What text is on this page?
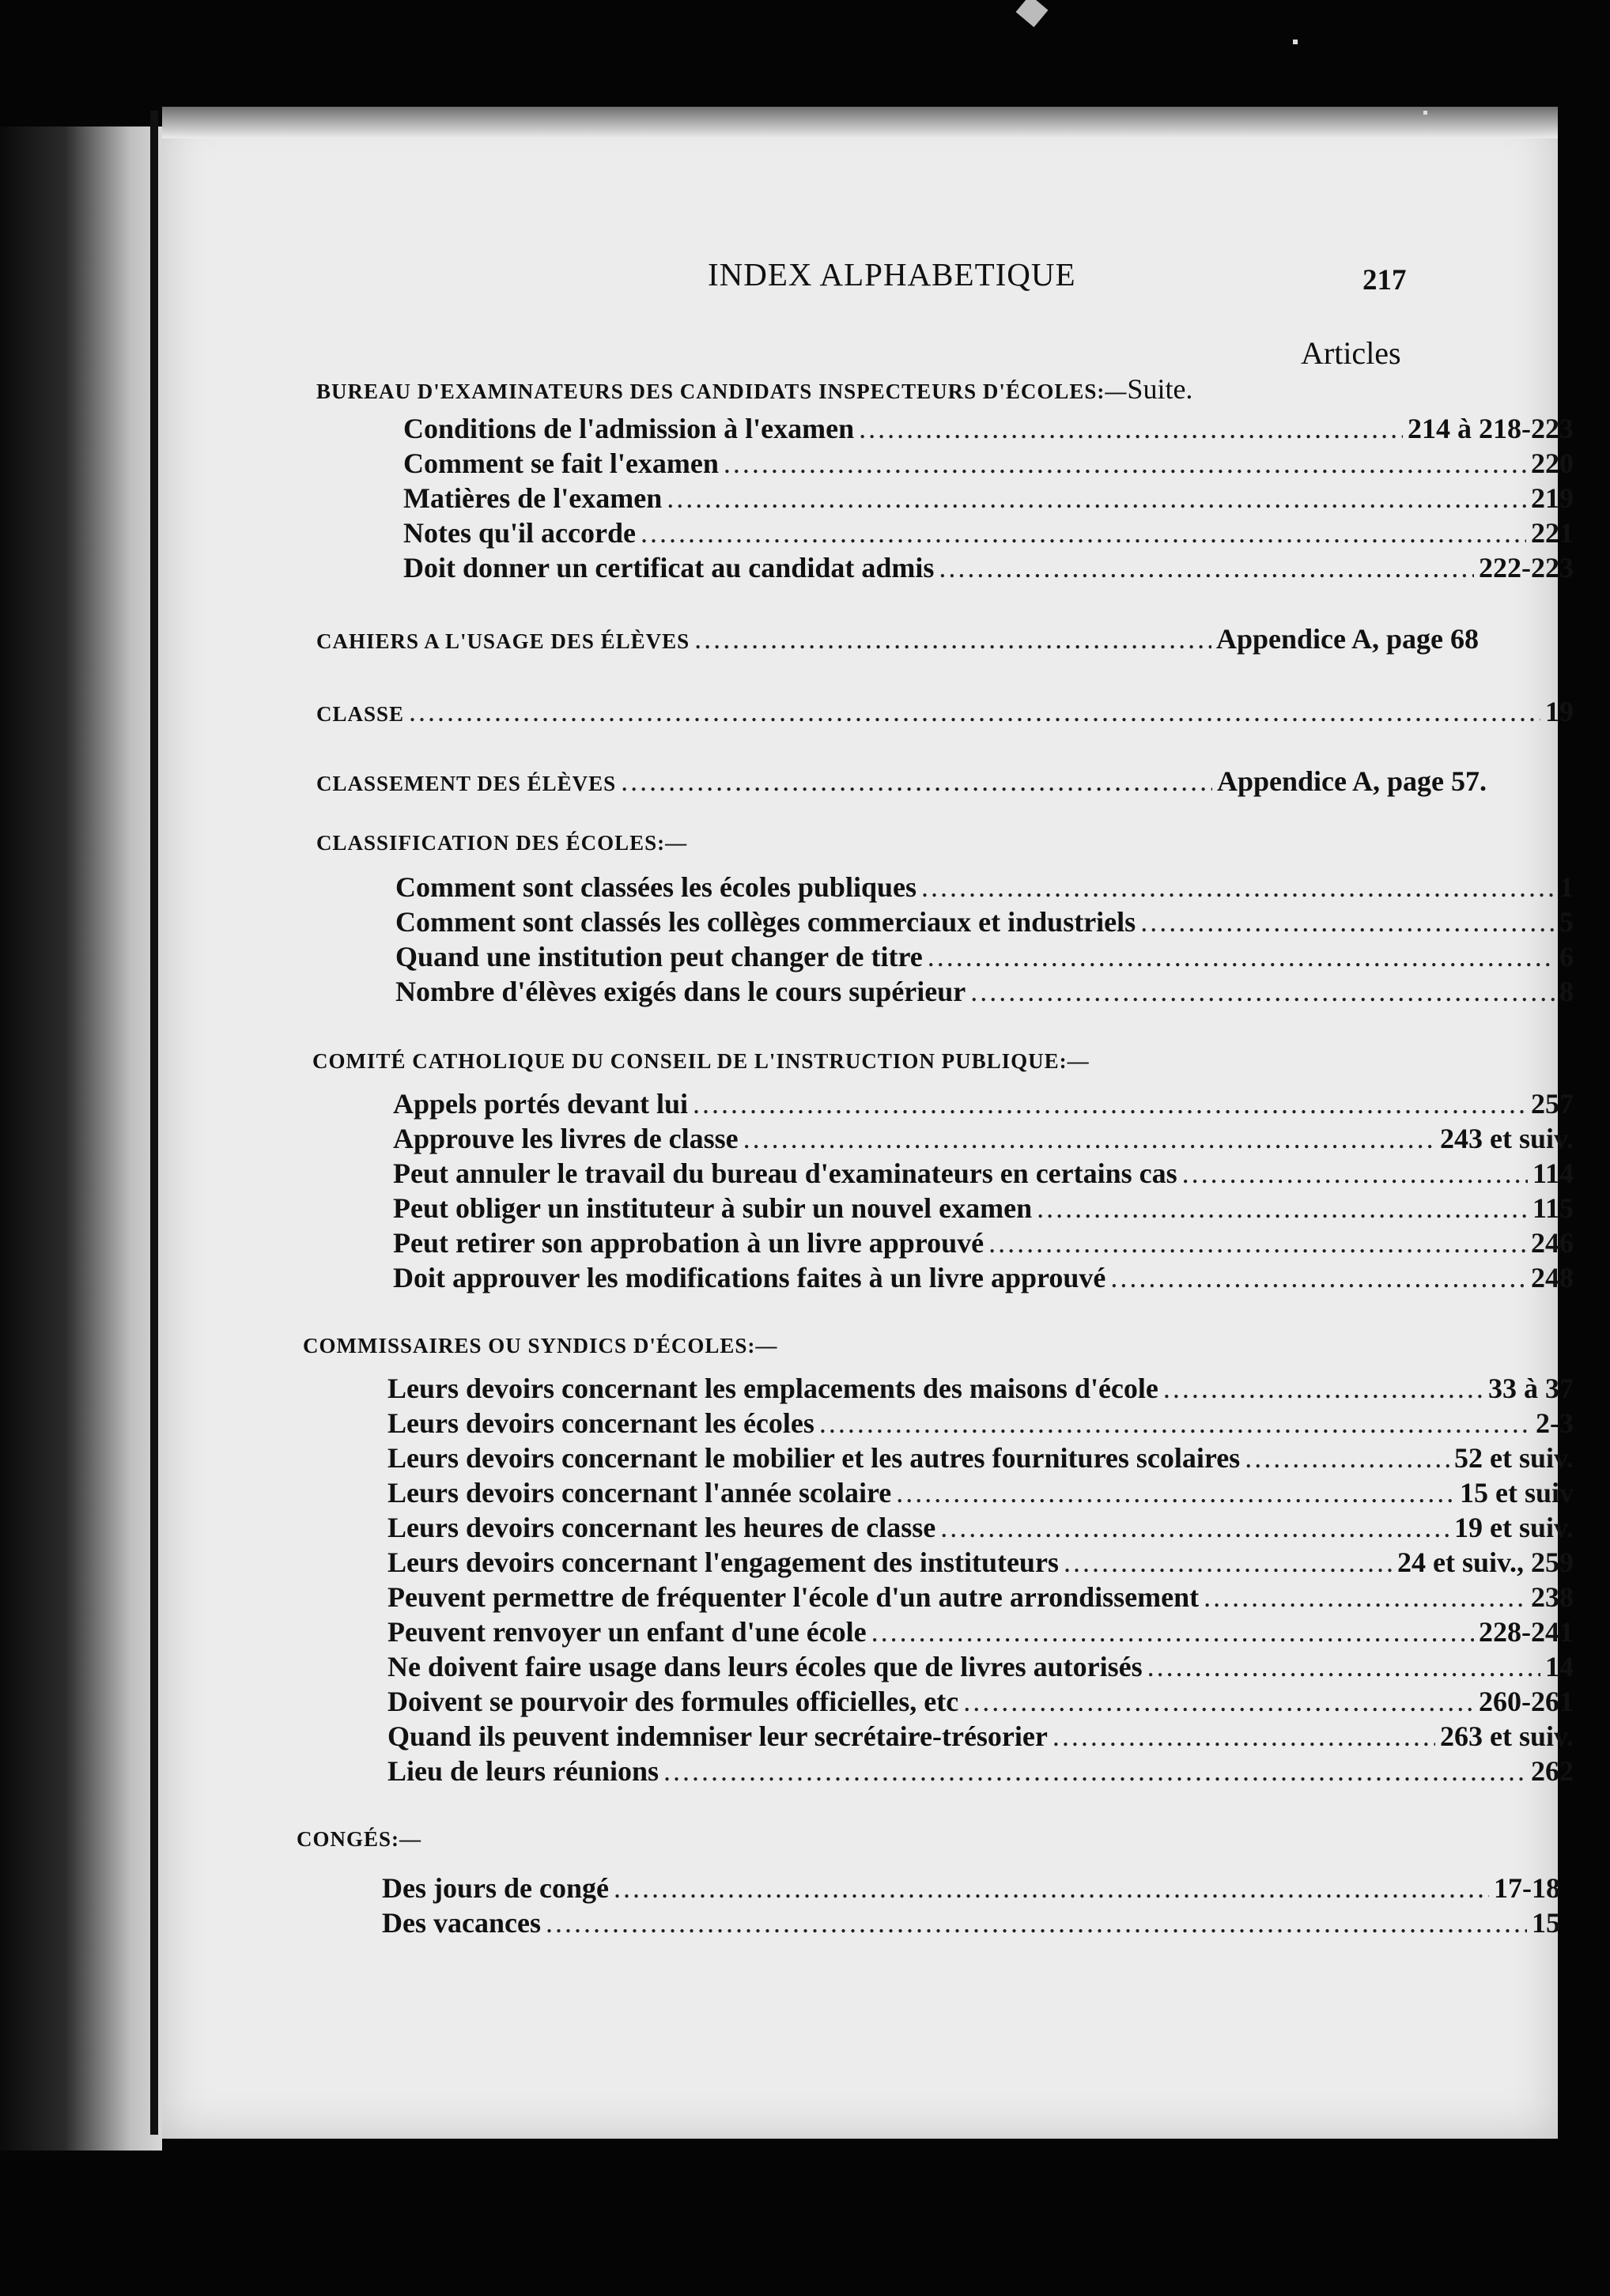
INDEX ALPHABETIQUE	217
Articles
BUREAU D'EXAMINATEURS DES CANDIDATS INSPECTEURS D'ÉCOLES:— Suite.
Conditions de l'admission à l'examen .....	214 à 218-223
Comment se fait l'examen .....	220
Matières de l'examen .....	219
Notes qu'il accorde .....	221
Doit donner un certificat au candidat admis .....	222-223
CAHIERS A L'USAGE DES ÉLÈVES .....	Appendice A, page 68
CLASSE .....	19
CLASSEMENT DES ÉLÈVES .....	Appendice A, page 57.
CLASSIFICATION DES ÉCOLES:—
Comment sont classées les écoles publiques .....	1
Comment sont classés les collèges commerciaux et industriels .....	5
Quand une institution peut changer de titre .....	6
Nombre d'élèves exigés dans le cours supérieur .....	8
COMITÉ CATHOLIQUE DU CONSEIL DE L'INSTRUCTION PUBLIQUE:—
Appels portés devant lui .....	257
Approuve les livres de classe .....	243 et suiv.
Peut annuler le travail du bureau d'examinateurs en certains cas .....	114
Peut obliger un instituteur à subir un nouvel examen .....	115
Peut retirer son approbation à un livre approuvé .....	246
Doit approuver les modifications faites à un livre approuvé .....	248
COMMISSAIRES OU SYNDICS D'ÉCOLES:—
Leurs devoirs concernant les emplacements des maisons d'école .....	33 à 37
Leurs devoirs concernant les écoles .....	2-3
Leurs devoirs concernant le mobilier et les autres fournitures scolaires .....	52 et suiv.
Leurs devoirs concernant l'année scolaire .....	15 et suiv
Leurs devoirs concernant les heures de classe .....	19 et suiv.
Leurs devoirs concernant l'engagement des instituteurs .....	24 et suiv., 259
Peuvent permettre de fréquenter l'école d'un autre arrondissement .....	238
Peuvent renvoyer un enfant d'une école .....	228-241
Ne doivent faire usage dans leurs écoles que de livres autorisés .....	14
Doivent se pourvoir des formules officielles, etc .....	260-261
Quand ils peuvent indemniser leur secrétaire-trésorier .....	263 et suiv.
Lieu de leurs réunions .....	262
CONGÉS:—
Des jours de congé .....	17-18
Des vacances .....	15
